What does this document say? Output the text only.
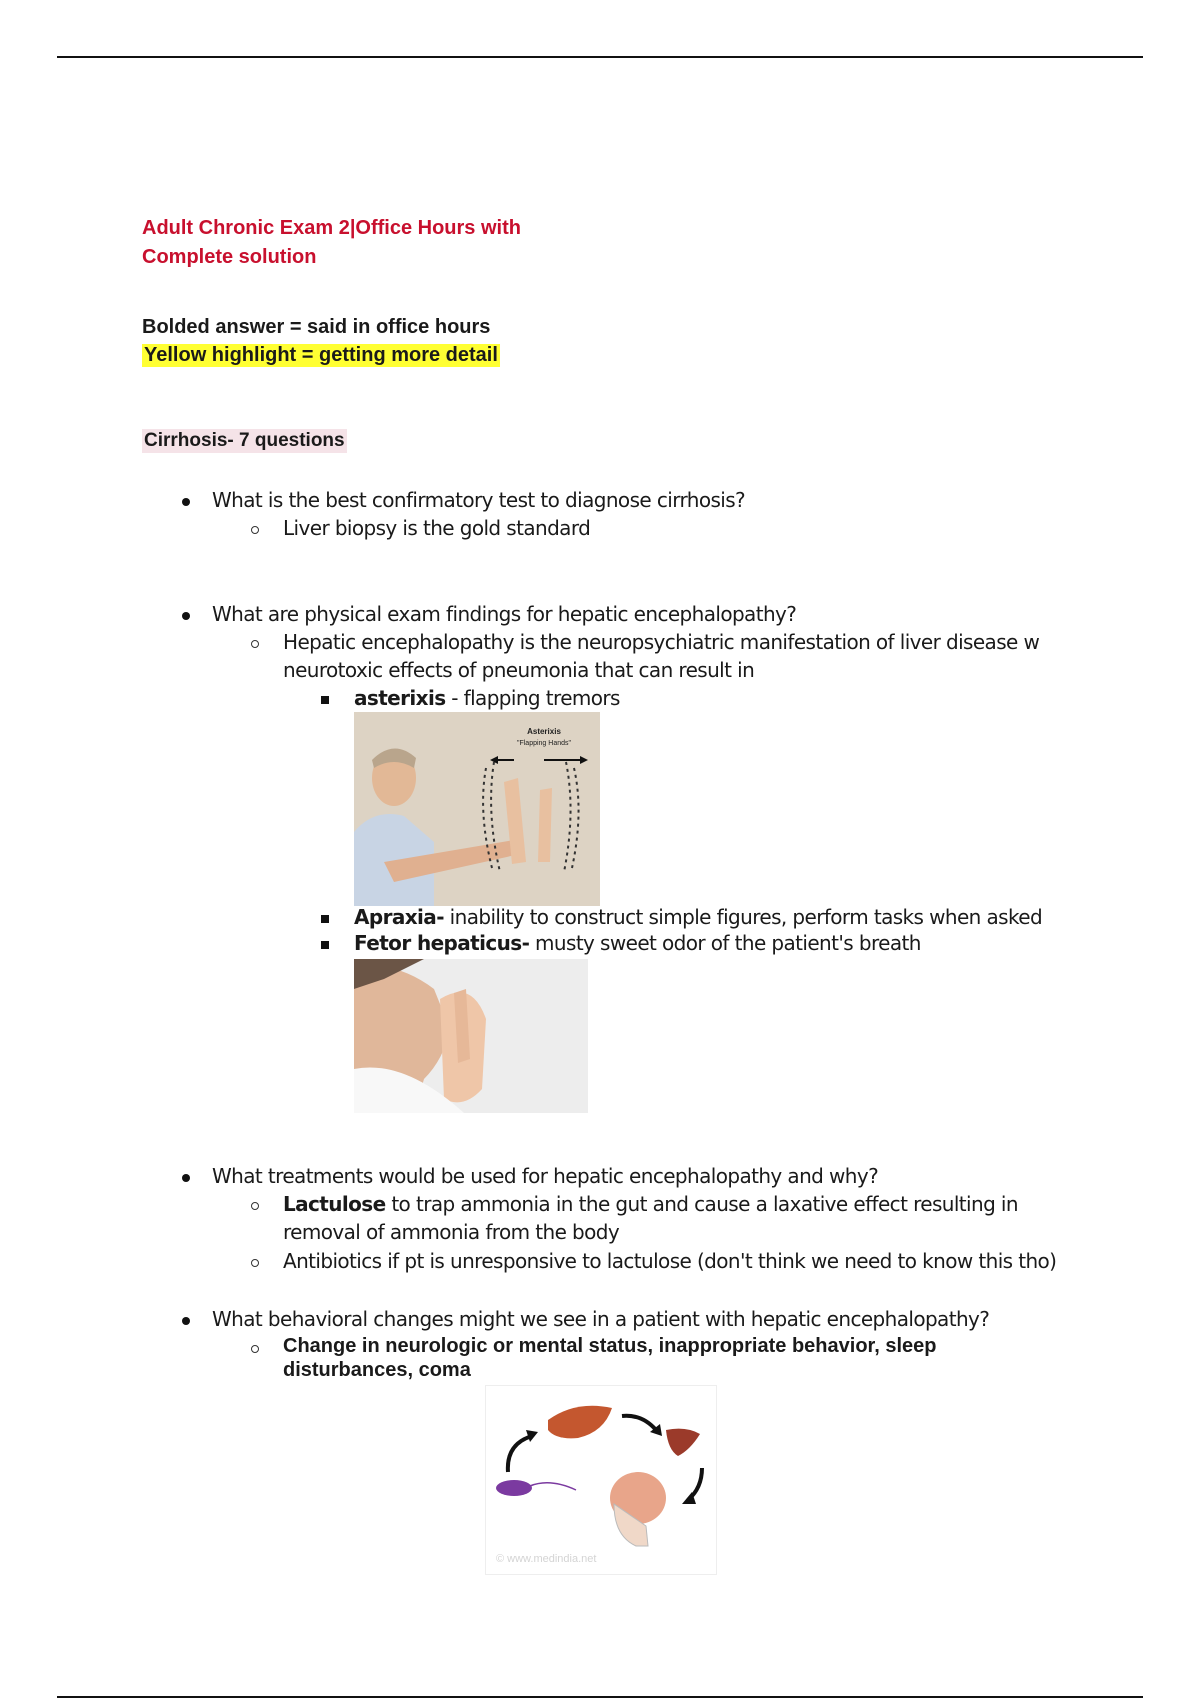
Adult Chronic Exam 2|Office Hours with
Complete solution
Bolded answer = said in office hours
Yellow highlight = getting more detail
Cirrhosis- 7 questions
What is the best confirmatory test to diagnose cirrhosis?
Liver biopsy is the gold standard
What are physical exam findings for hepatic encephalopathy?
Hepatic encephalopathy is the neuropsychiatric manifestation of liver disease w
neurotoxic effects of pneumonia that can result in
asterixis - flapping tremors
Asterixis
"Flapping Hands"
Apraxia- inability to construct simple figures, perform tasks when asked
Fetor hepaticus- musty sweet odor of the patient's breath
What treatments would be used for hepatic encephalopathy and why?
Lactulose to trap ammonia in the gut and cause a laxative effect resulting in
removal of ammonia from the body
Antibiotics if pt is unresponsive to lactulose (don't think we need to know this tho)
What behavioral changes might we see in a patient with hepatic encephalopathy?
Change in neurologic or mental status, inappropriate behavior, sleep
disturbances, coma
© www.medindia.net
